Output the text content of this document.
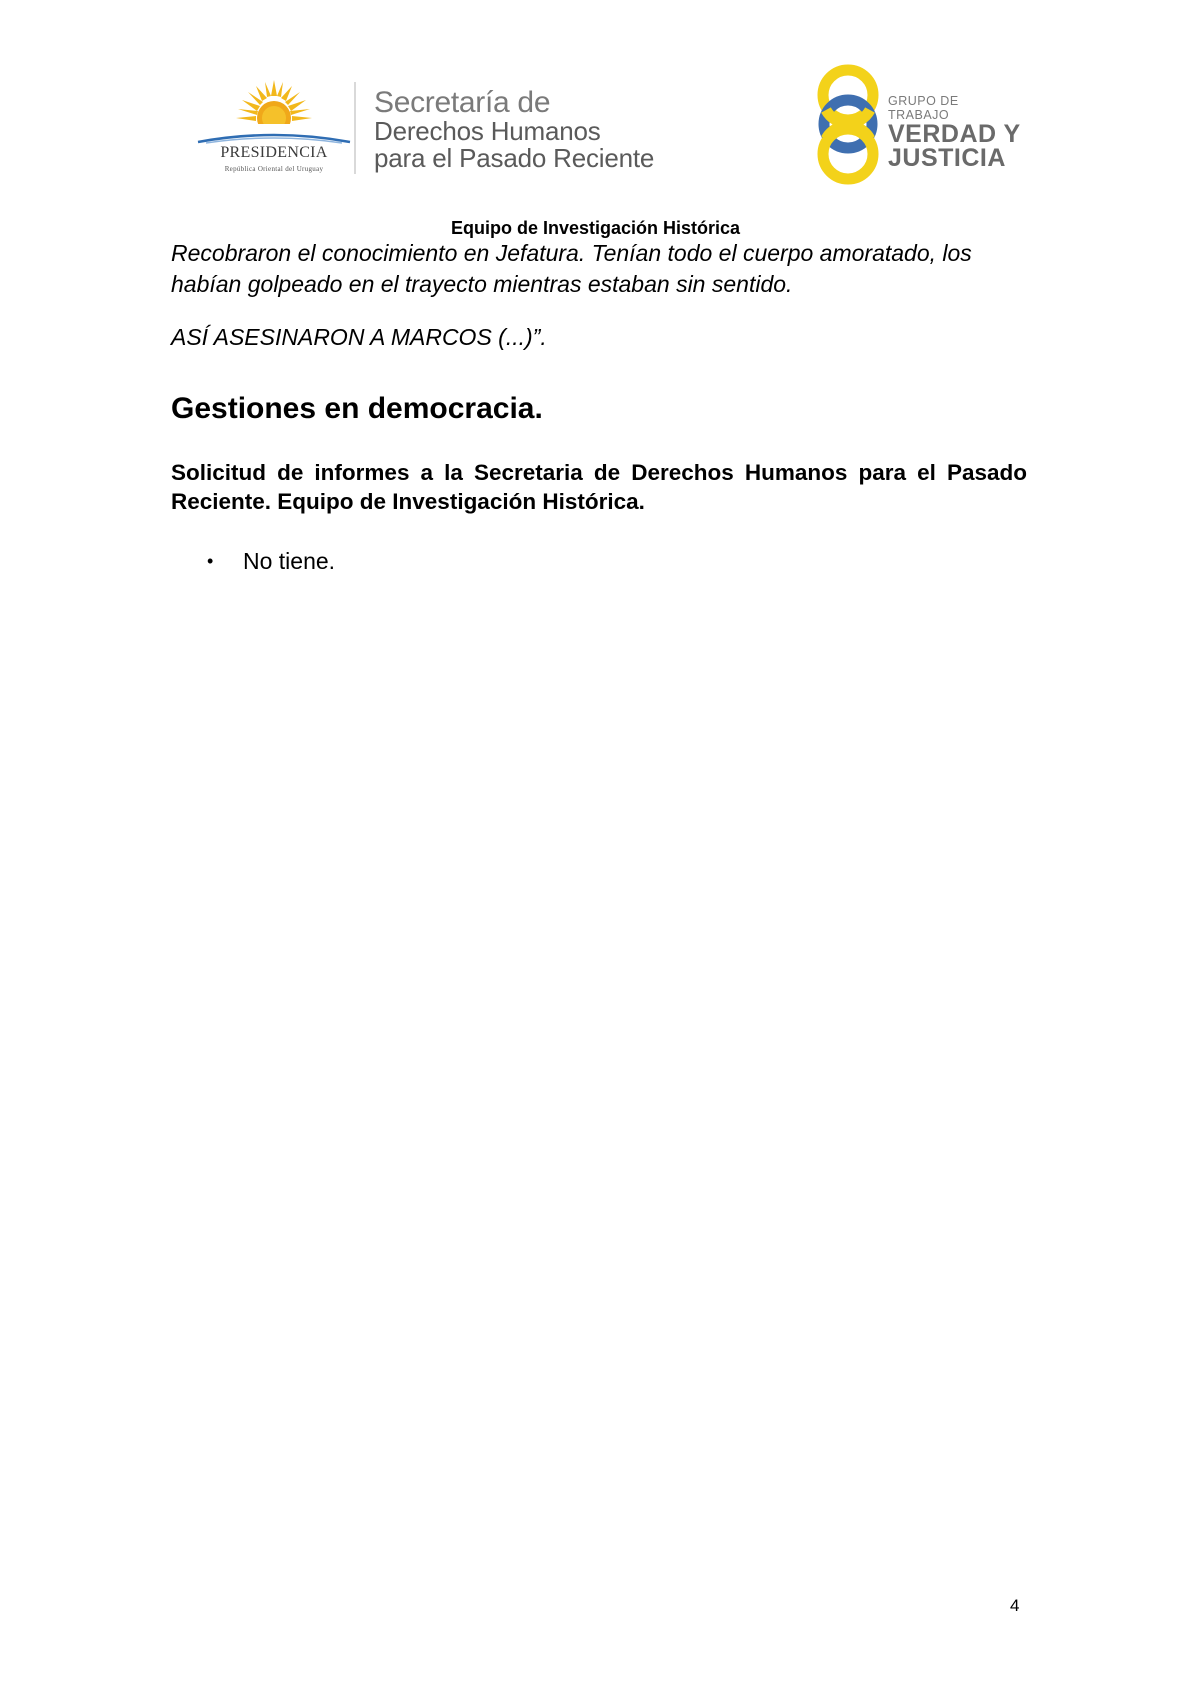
PRESIDENCIA
República Oriental del Uruguay
Secretaría de
Derechos Humanos
para el Pasado Reciente
GRUPO DE TRABAJO
VERDAD Y
JUSTICIA
Equipo de Investigación Histórica
Recobraron el conocimiento en Jefatura. Tenían todo el cuerpo amoratado, los habían golpeado en el trayecto mientras estaban sin sentido.
ASÍ ASESINARON A MARCOS (...)”.
Gestiones en democracia.
Solicitud de informes a la Secretaria de Derechos Humanos para el Pasado Reciente. Equipo de Investigación Histórica.
• No tiene.
4
